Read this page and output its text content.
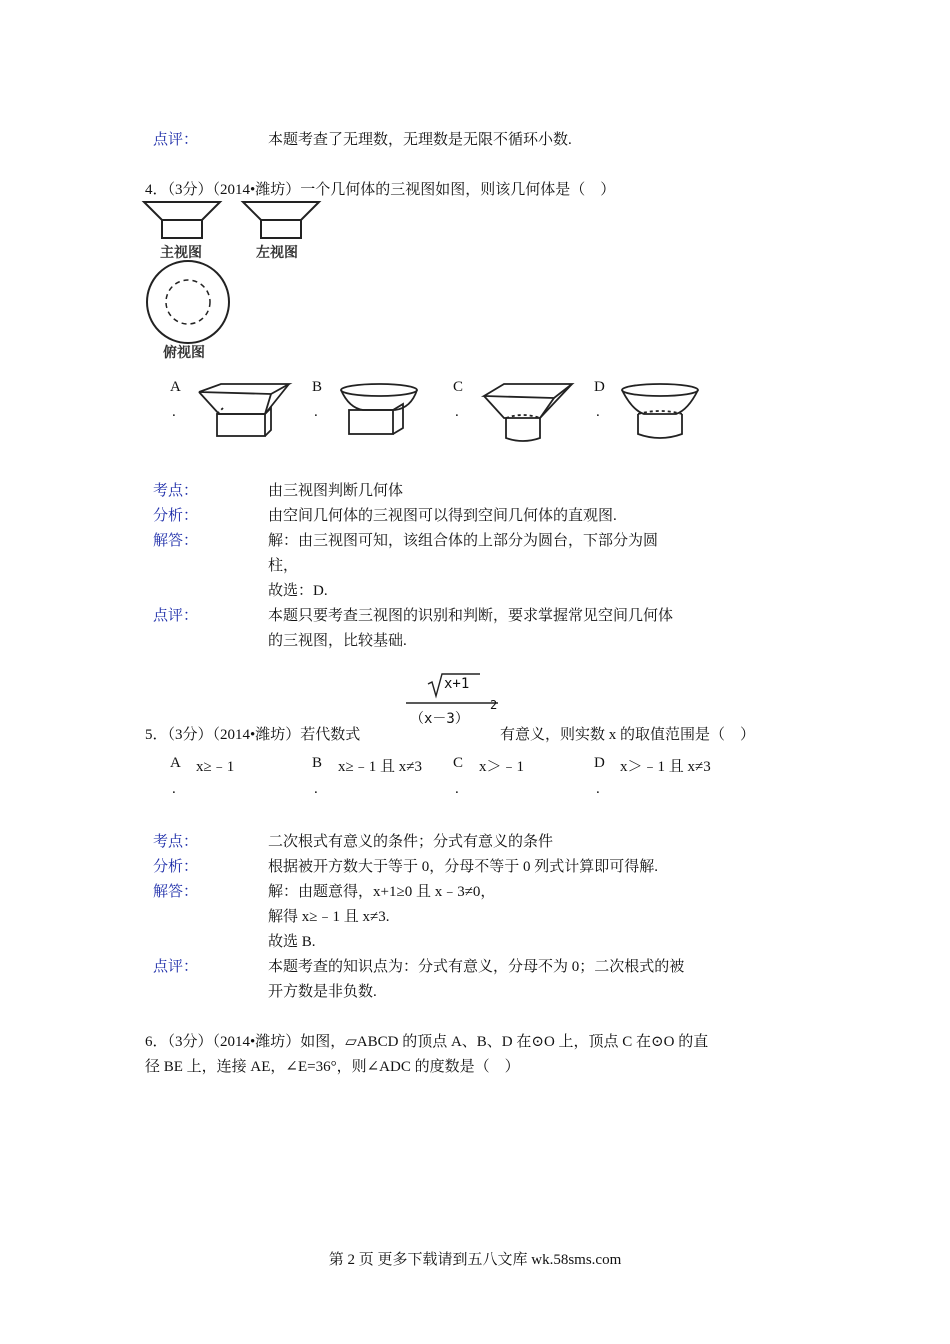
点评：	本题考查了无理数，无理数是无限不循环小数.
4．（3分）（2014•潍坊）一个几何体的三视图如图，则该几何体是（　）
主视图	左视图
俯视图
A
.
B
.
C
.
D
.
考点：	由三视图判断几何体
分析：	由空间几何体的三视图可以得到空间几何体的直观图.
解答：	解：由三视图可知，该组合体的上部分为圆台，下部分为圆
柱，
故选：D.
点评：	本题只要考查三视图的识别和判断，要求掌握常见空间几何体
的三视图，比较基础.
x+1
（x－3）
2
5．（3分）（2014•潍坊）若代数式	有意义，则实数 x 的取值范围是（　）
A x≥﹣1
.
B x≥﹣1 且 x≠3
.
C x＞﹣1
.
D x＞﹣1 且 x≠3
.
考点：	二次根式有意义的条件；分式有意义的条件
分析：	根据被开方数大于等于 0，分母不等于 0 列式计算即可得解.
解答：	解：由题意得，x+1≥0 且 x﹣3≠0，
解得 x≥﹣1 且 x≠3.
故选 B.
点评：	本题考查的知识点为：分式有意义，分母不为 0；二次根式的被
开方数是非负数.
6．（3分）（2014•潍坊）如图，▱ABCD 的顶点 A、B、D 在⊙O 上，顶点 C 在⊙O 的直
径 BE 上，连接 AE，∠E=36°，则∠ADC 的度数是（　）
第 2 页 更多下载请到五八文库 wk.58sms.com
